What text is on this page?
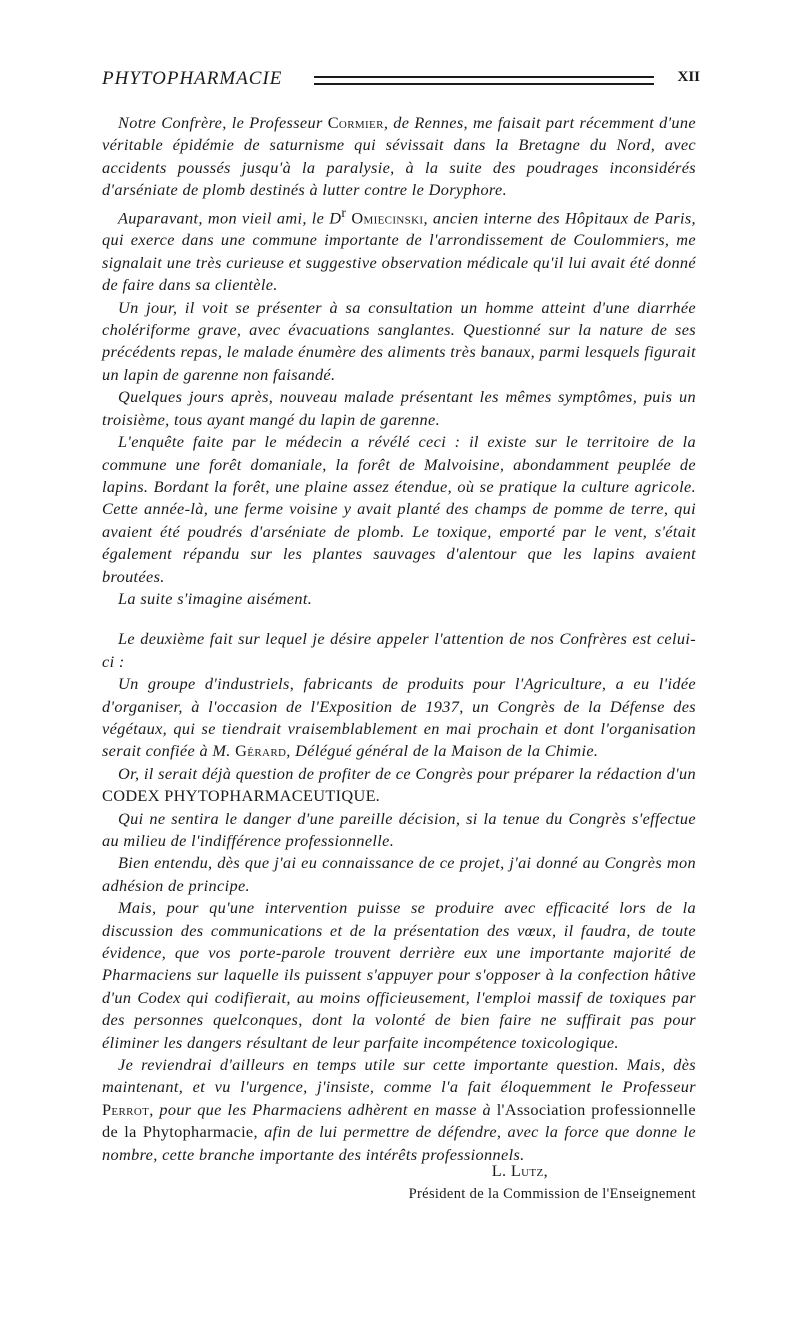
PHYTOPHARMACIE	XII

Notre Confrère, le Professeur Cormier, de Rennes, me faisait part récemment d'une véritable épidémie de saturnisme qui sévissait dans la Bretagne du Nord, avec accidents poussés jusqu'à la paralysie, à la suite des poudrages inconsidérés d'arséniate de plomb destinés à lutter contre le Doryphore.

Auparavant, mon vieil ami, le $D^r$ Omiecinski, ancien interne des Hôpitaux de Paris, qui exerce dans une commune importante de l'arrondissement de Coulommiers, me signalait une très curieuse et suggestive observation médicale qu'il lui avait été donné de faire dans sa clientèle.

Un jour, il voit se présenter à sa consultation un homme atteint d'une diarrhée cholériforme grave, avec évacuations sanglantes. Questionné sur la nature de ses précédents repas, le malade énumère des aliments très banaux, parmi lesquels figurait un lapin de garenne non faisandé.

Quelques jours après, nouveau malade présentant les mêmes symptômes, puis un troisième, tous ayant mangé du lapin de garenne.

L'enquête faite par le médecin a révélé ceci : il existe sur le territoire de la commune une forêt domaniale, la forêt de Malvoisine, abondamment peuplée de lapins. Bordant la forêt, une plaine assez étendue, où se pratique la culture agricole. Cette année-là, une ferme voisine y avait planté des champs de pomme de terre, qui avaient été poudrés d'arséniate de plomb. Le toxique, emporté par le vent, s'était également répandu sur les plantes sauvages d'alentour que les lapins avaient broutées.

La suite s'imagine aisément.

Le deuxième fait sur lequel je désire appeler l'attention de nos Confrères est celui-ci :

Un groupe d'industriels, fabricants de produits pour l'Agriculture, a eu l'idée d'organiser, à l'occasion de l'Exposition de 1937, un Congrès de la Défense des végétaux, qui se tiendrait vraisemblablement en mai prochain et dont l'organisation serait confiée à M. Gérard, Délégué général de la Maison de la Chimie.

Or, il serait déjà question de profiter de ce Congrès pour préparer la rédaction d'un CODEX PHYTOPHARMACEUTIQUE.

Qui ne sentira le danger d'une pareille décision, si la tenue du Congrès s'effectue au milieu de l'indifférence professionnelle.

Bien entendu, dès que j'ai eu connaissance de ce projet, j'ai donné au Congrès mon adhésion de principe.

Mais, pour qu'une intervention puisse se produire avec efficacité lors de la discussion des communications et de la présentation des vœux, il faudra, de toute évidence, que vos porte-parole trouvent derrière eux une importante majorité de Pharmaciens sur laquelle ils puissent s'appuyer pour s'opposer à la confection hâtive d'un Codex qui codifierait, au moins officieusement, l'emploi massif de toxiques par des personnes quelconques, dont la volonté de bien faire ne suffirait pas pour éliminer les dangers résultant de leur parfaite incompétence toxicologique.

Je reviendrai d'ailleurs en temps utile sur cette importante question. Mais, dès maintenant, et vu l'urgence, j'insiste, comme l'a fait éloquemment le Professeur Perrot, pour que les Pharmaciens adhèrent en masse à l'Association professionnelle de la Phytopharmacie, afin de lui permettre de défendre, avec la force que donne le nombre, cette branche importante des intérêts professionnels.

L. Lutz,
Président de la Commission de l'Enseignement
